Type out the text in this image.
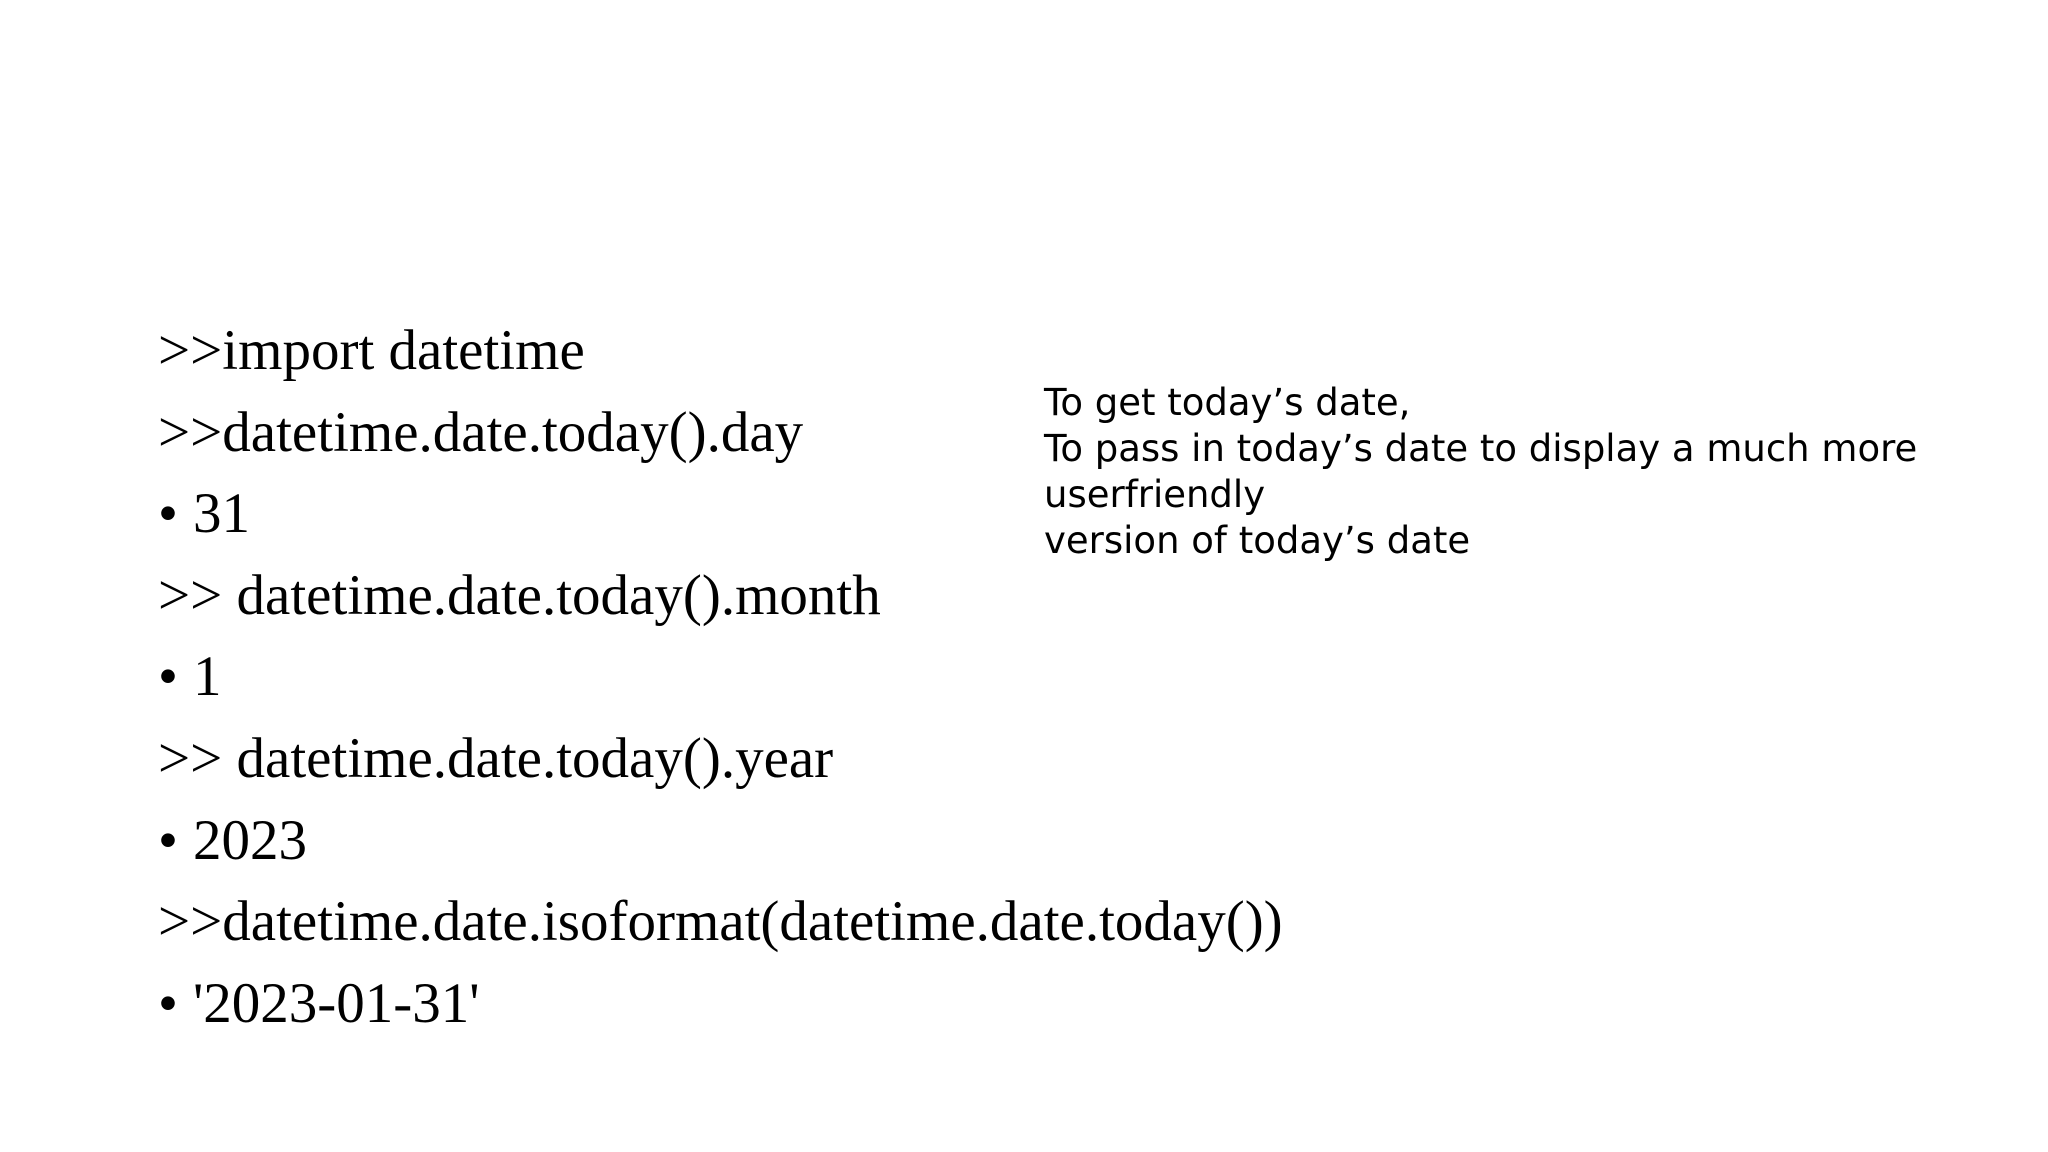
>>import datetime
>>datetime.date.today().day
• 31
>> datetime.date.today().month
• 1
>> datetime.date.today().year
• 2023
>>datetime.date.isoformat(datetime.date.today())
• '2023-01-31'
To get today’s date,
To pass in today’s date to display a much more
userfriendly
version of today’s date
